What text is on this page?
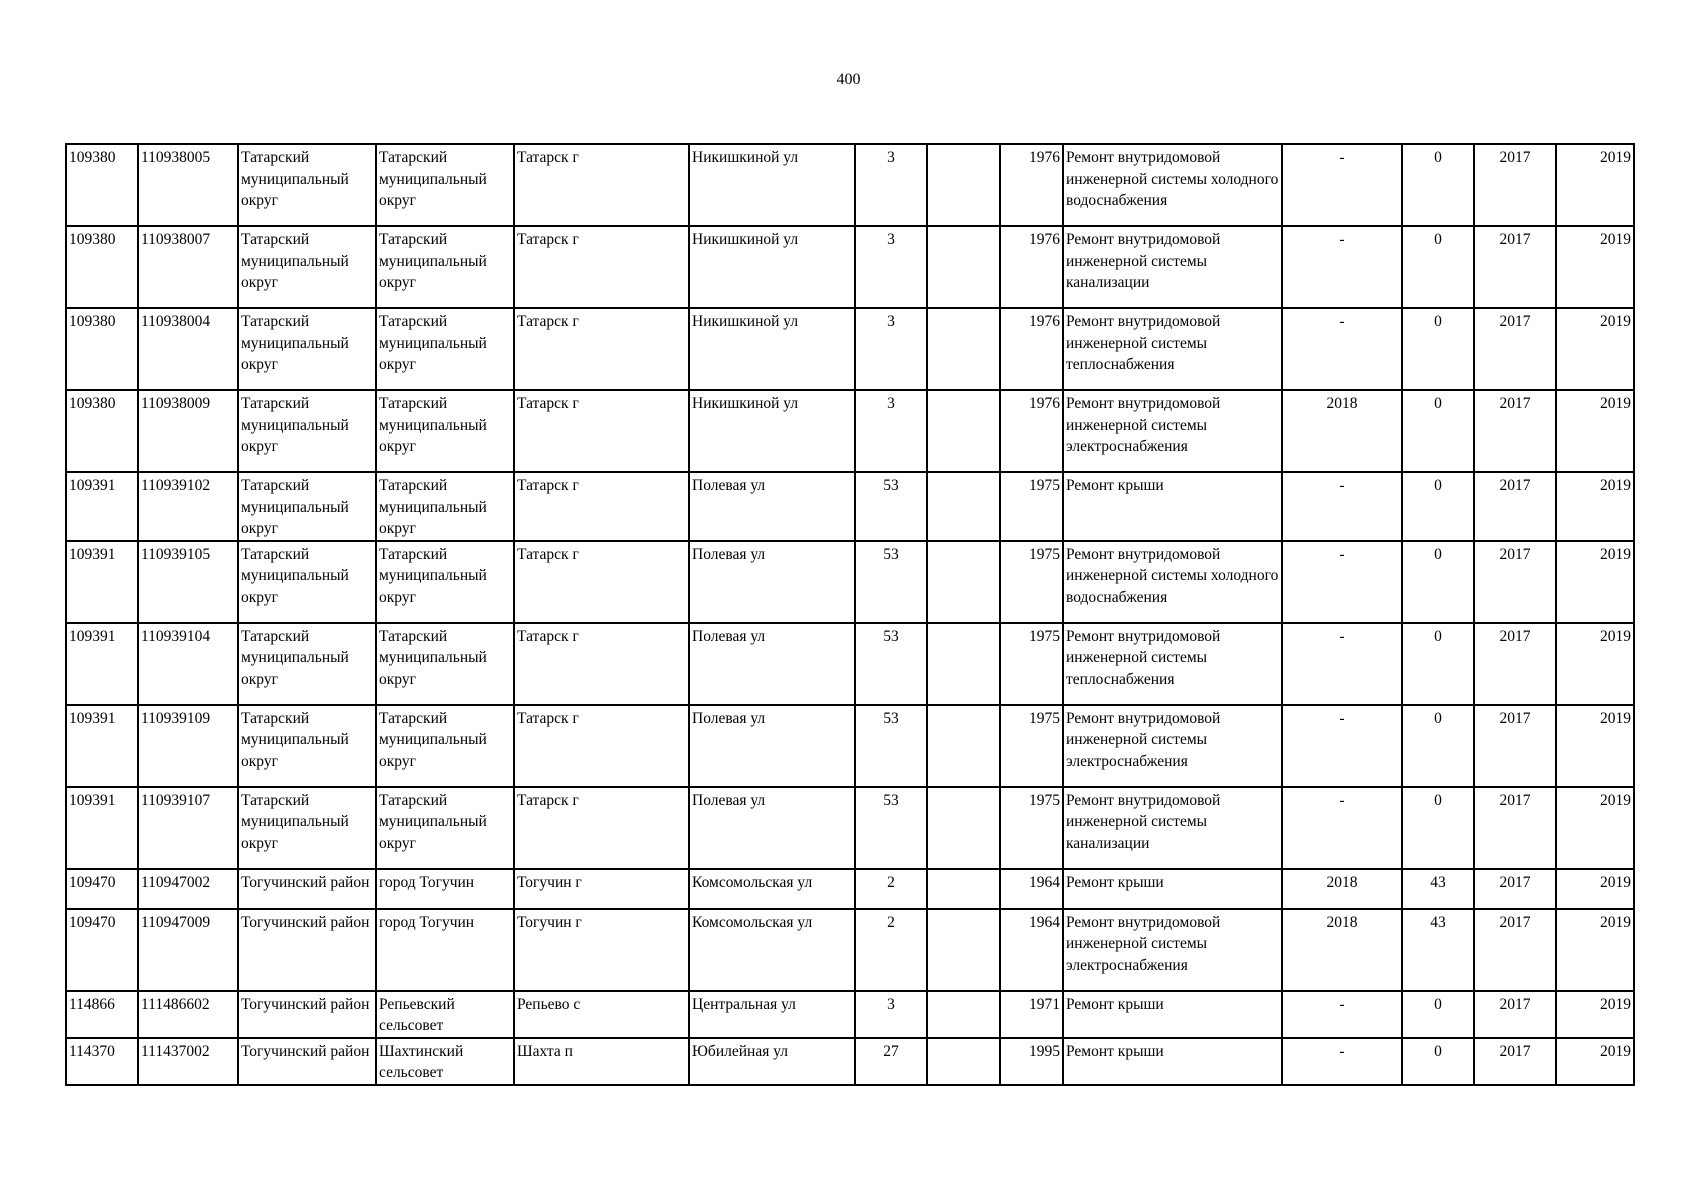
400
109380	110938005	Татарский муниципальный округ	Татарский муниципальный округ	Татарск г	Никишкиной ул	3		1976	Ремонт внутридомовой инженерной системы холодного водоснабжения	-	0	2017	2019
109380	110938007	Татарский муниципальный округ	Татарский муниципальный округ	Татарск г	Никишкиной ул	3		1976	Ремонт внутридомовой инженерной системы канализации	-	0	2017	2019
109380	110938004	Татарский муниципальный округ	Татарский муниципальный округ	Татарск г	Никишкиной ул	3		1976	Ремонт внутридомовой инженерной системы теплоснабжения	-	0	2017	2019
109380	110938009	Татарский муниципальный округ	Татарский муниципальный округ	Татарск г	Никишкиной ул	3		1976	Ремонт внутридомовой инженерной системы электроснабжения	2018	0	2017	2019
109391	110939102	Татарский муниципальный округ	Татарский муниципальный округ	Татарск г	Полевая ул	53		1975	Ремонт крыши	-	0	2017	2019
109391	110939105	Татарский муниципальный округ	Татарский муниципальный округ	Татарск г	Полевая ул	53		1975	Ремонт внутридомовой инженерной системы холодного водоснабжения	-	0	2017	2019
109391	110939104	Татарский муниципальный округ	Татарский муниципальный округ	Татарск г	Полевая ул	53		1975	Ремонт внутридомовой инженерной системы теплоснабжения	-	0	2017	2019
109391	110939109	Татарский муниципальный округ	Татарский муниципальный округ	Татарск г	Полевая ул	53		1975	Ремонт внутридомовой инженерной системы электроснабжения	-	0	2017	2019
109391	110939107	Татарский муниципальный округ	Татарский муниципальный округ	Татарск г	Полевая ул	53		1975	Ремонт внутридомовой инженерной системы канализации	-	0	2017	2019
109470	110947002	Тогучинский район	город Тогучин	Тогучин г	Комсомольская ул	2		1964	Ремонт крыши	2018	43	2017	2019
109470	110947009	Тогучинский район	город Тогучин	Тогучин г	Комсомольская ул	2		1964	Ремонт внутридомовой инженерной системы электроснабжения	2018	43	2017	2019
114866	111486602	Тогучинский район	Репьевский сельсовет	Репьево с	Центральная ул	3		1971	Ремонт крыши	-	0	2017	2019
114370	111437002	Тогучинский район	Шахтинский сельсовет	Шахта п	Юбилейная ул	27		1995	Ремонт крыши	-	0	2017	2019
